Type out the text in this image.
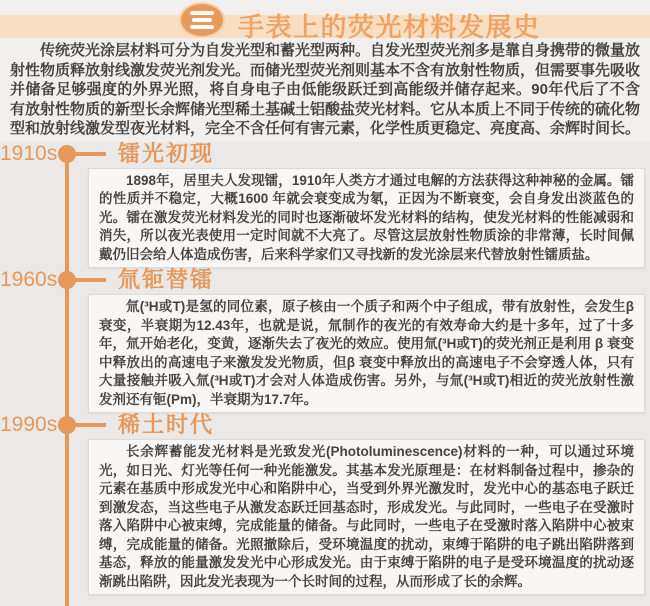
手表上的荧光材料发展史

传统荧光涂层材料可分为自发光型和蓄光型两种。自发光型荧光剂多是靠自身携带的微量放射性物质释放射线激发荧光剂发光。而储光型荧光剂则基本不含有放射性物质，但需要事先吸收并储备足够强度的外界光照，将自身电子由低能级跃迁到高能级并储存起来。90年代后了不含有放射性物质的新型长余辉储光型稀土基碱土铝酸盐荧光材料。它从本质上不同于传统的硫化物型和放射线激发型夜光材料，完全不含任何有害元素，化学性质更稳定、亮度高、余辉时间长。

1910s	镭光初现

1898年，居里夫人发现镭，1910年人类方才通过电解的方法获得这种神秘的金属。镭的性质并不稳定，大概1600 年就会衰变成为氡，正因为不断衰变，会自身发出淡蓝色的光。镭在激发荧光材料发光的同时也逐渐破坏发光材料的结构，使发光材料的性能减弱和消失，所以夜光表使用一定时间就不大亮了。尽管这层放射性物质涂的非常薄，长时间佩戴仍旧会给人体造成伤害，后来科学家们又寻找新的发光涂层来代替放射性镭质盐。

1960s	氚钷替镭

氚(³H或T)是氢的同位素，原子核由一个质子和两个中子组成，带有放射性，会发生β 衰变，半衰期为12.43年，也就是说，氚制作的夜光的有效寿命大约是十多年，过了十多年，氚开始老化，变黄，逐渐失去了夜光的效应。使用氚(³H或T)的荧光剂正是利用 β 衰变中释放出的高速电子来激发发光物质，但β 衰变中释放出的高速电子不会穿透人体，只有大量接触并吸入氚(³H或T)才会对人体造成伤害。另外，与氚(³H或T)相近的荧光放射性激发剂还有钷(Pm)，半衰期为17.7年。

1990s	稀土时代

长余辉蓄能发光材料是光致发光(Photoluminescence)材料的一种，可以通过环境光，如日光、灯光等任何一种光能激发。其基本发光原理是：在材料制备过程中，掺杂的元素在基质中形成发光中心和陷阱中心，当受到外界光激发时，发光中心的基态电子跃迁到激发态，当这些电子从激发态跃迁回基态时，形成发光。与此同时，一些电子在受激时落入陷阱中心被束缚，完成能量的储备。与此同时，一些电子在受激时落入陷阱中心被束缚，完成能量的储备。光照撤除后，受环境温度的扰动，束缚于陷阱的电子跳出陷阱落到基态，释放的能量激发发光中心形成发光。由于束缚于陷阱的电子是受环境温度的扰动逐渐跳出陷阱，因此发光表现为一个长时间的过程，从而形成了长的余辉。
